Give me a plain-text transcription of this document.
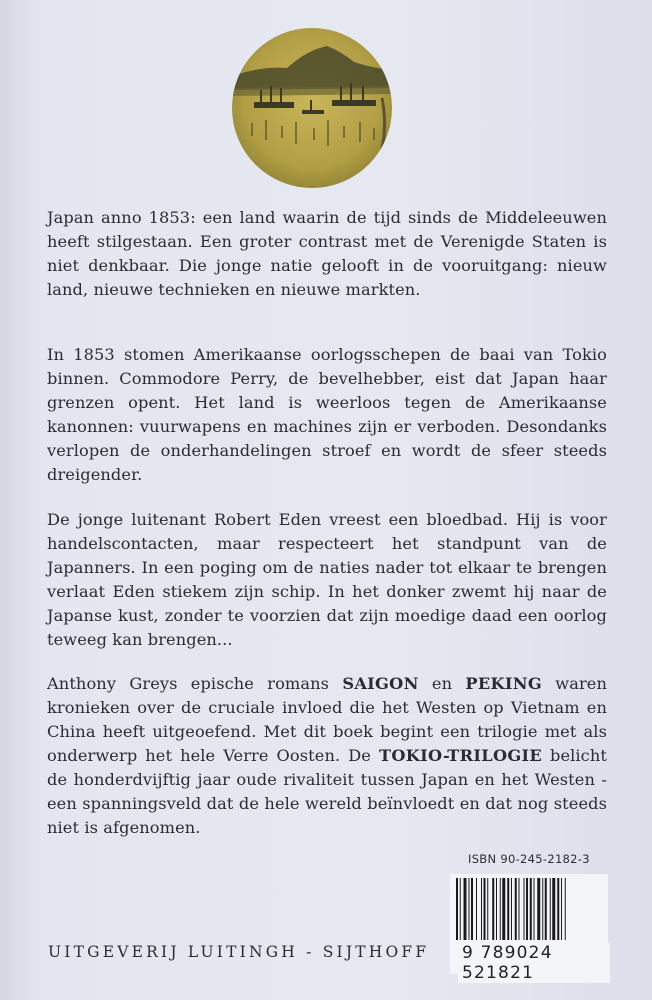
⁂

Japan anno 1853: een land waarin de tijd sinds de Middeleeuwen heeft stilgestaan. Een groter contrast met de Verenigde Staten is niet denkbaar. Die jonge natie gelooft in de vooruitgang: nieuw land, nieuwe technieken en nieuwe markten.

In 1853 stomen Amerikaanse oorlogsschepen de baai van Tokio binnen. Commodore Perry, de bevelhebber, eist dat Japan haar grenzen opent. Het land is weerloos tegen de Amerikaanse kanonnen: vuurwapens en machines zijn er verboden. Desondanks verlopen de onderhandelingen stroef en wordt de sfeer steeds dreigender.

De jonge luitenant Robert Eden vreest een bloedbad. Hij is voor handelscontacten, maar respecteert het standpunt van de Japanners. In een poging om de naties nader tot elkaar te brengen verlaat Eden stiekem zijn schip. In het donker zwemt hij naar de Japanse kust, zonder te voorzien dat zijn moedige daad een oorlog teweeg kan brengen...

Anthony Greys epische romans SAIGON en PEKING waren kronieken over de cruciale invloed die het Westen op Vietnam en China heeft uitgeoefend. Met dit boek begint een trilogie met als onderwerp het hele Verre Oosten. De TOKIO-TRILOGIE belicht de honderdvijftig jaar oude rivaliteit tussen Japan en het Westen - een spanningsveld dat de hele wereld beïnvloedt en dat nog steeds niet is afgenomen.

ISBN 90-245-2182-3
9 789024 521821
UITGEVERIJ LUITINGH - SIJTHOFF
